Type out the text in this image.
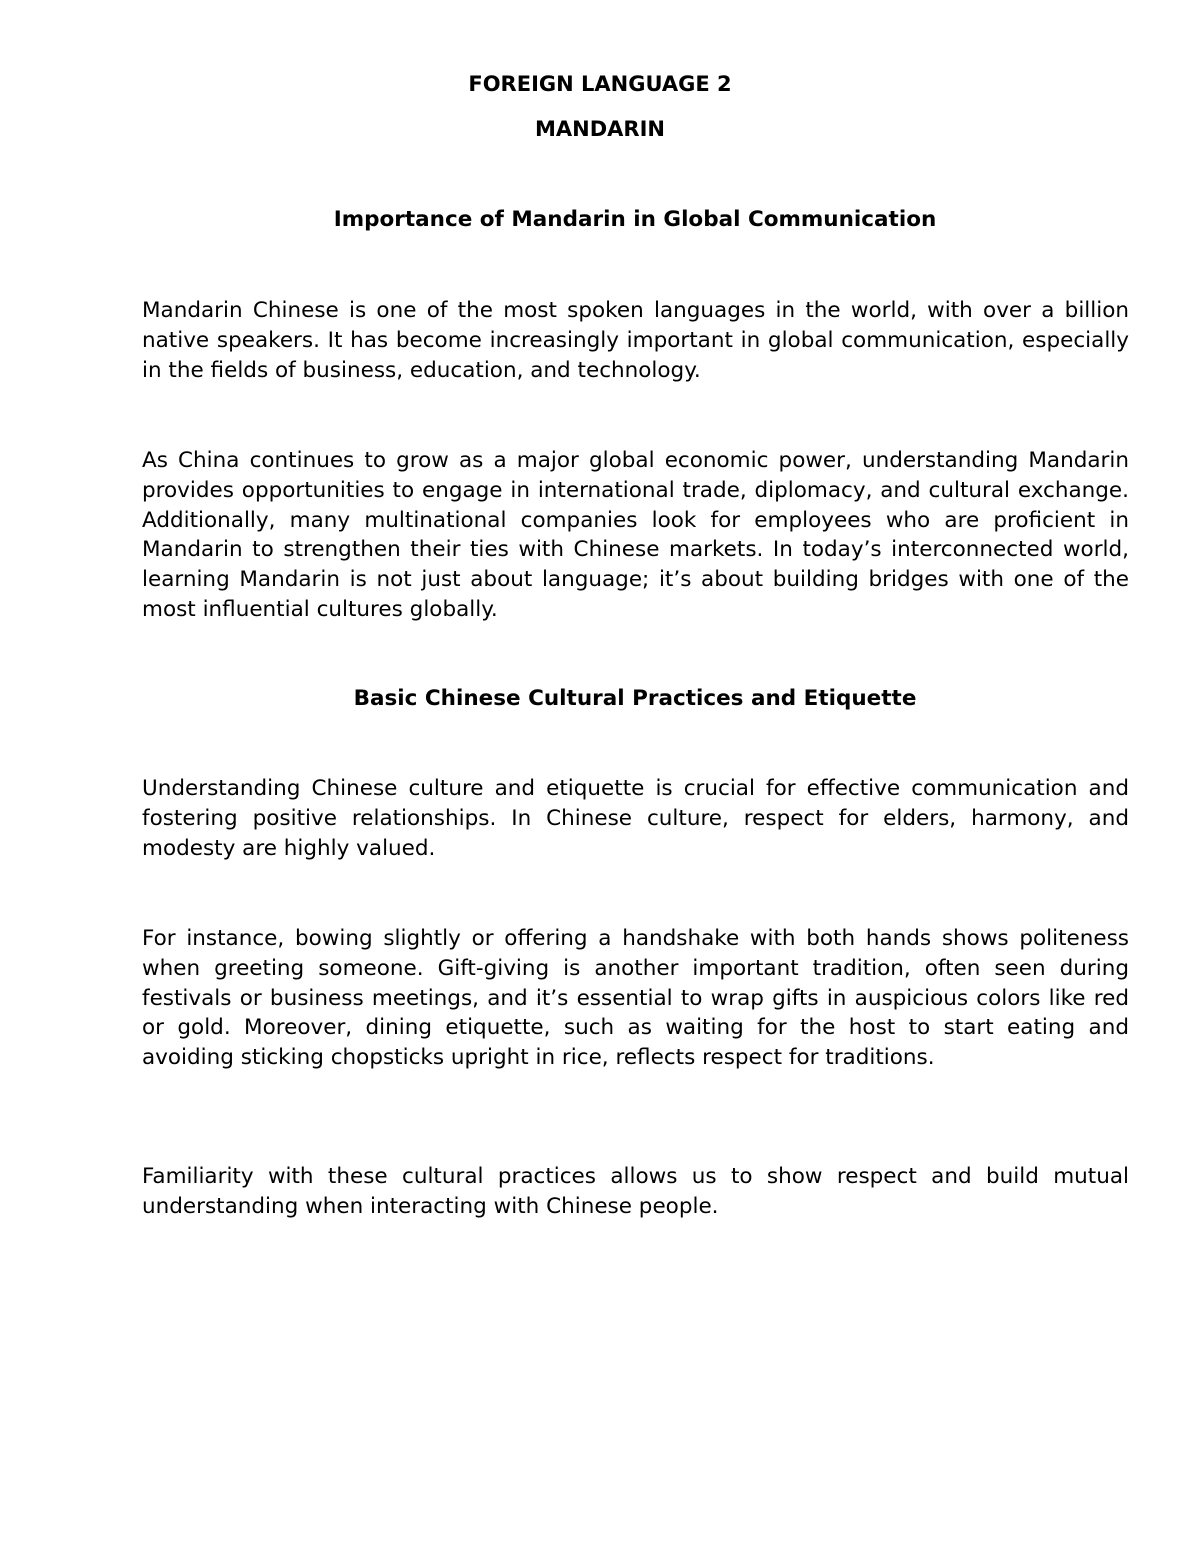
FOREIGN LANGUAGE 2
MANDARIN
Importance of Mandarin in Global Communication

Mandarin Chinese is one of the most spoken languages in the world, with over a billion native speakers. It has become increasingly important in global communication, especially in the fields of business, education, and technology.

As China continues to grow as a major global economic power, understanding Mandarin provides opportunities to engage in international trade, diplomacy, and cultural exchange. Additionally, many multinational companies look for employees who are proficient in Mandarin to strengthen their ties with Chinese markets. In today’s interconnected world, learning Mandarin is not just about language; it’s about building bridges with one of the most influential cultures globally.

Basic Chinese Cultural Practices and Etiquette

Understanding Chinese culture and etiquette is crucial for effective communication and fostering positive relationships. In Chinese culture, respect for elders, harmony, and modesty are highly valued.

For instance, bowing slightly or offering a handshake with both hands shows politeness when greeting someone. Gift-giving is another important tradition, often seen during festivals or business meetings, and it’s essential to wrap gifts in auspicious colors like red or gold. Moreover, dining etiquette, such as waiting for the host to start eating and avoiding sticking chopsticks upright in rice, reflects respect for traditions.

Familiarity with these cultural practices allows us to show respect and build mutual understanding when interacting with Chinese people.
